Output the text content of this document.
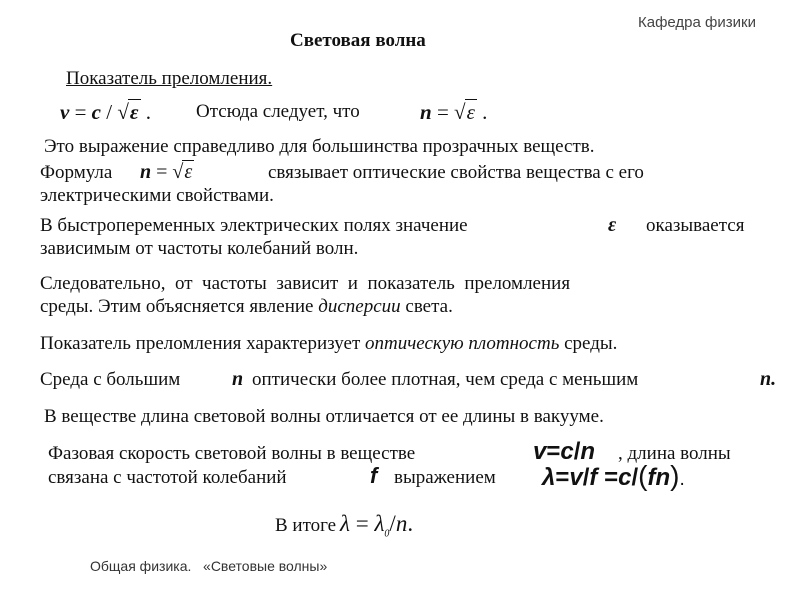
Кафедра физики
Световая волна
Показатель преломления.
v = c / √ε . Отсюда следует, что	n = √ε .
Это выражение справедливо для большинства прозрачных веществ.
Формула n = √ε	связывает оптические свойства вещества с его
электрическими свойствами.
В быстропеременных электрических полях значение	ε оказывается
зависимым от частоты колебаний волн.
Следовательно,  от  частоты  зависит  и  показатель  преломления
среды. Этим объясняется явление дисперсии света.
Показатель преломления характеризует оптическую плотность среды.
Среда с большим	n оптически более плотная, чем среда с меньшим	n.
В веществе длина световой волны отличается от ее длины в вакууме.
Фазовая скорость световой волны в веществе	v=c/n , длина волны
связана с частотой колебаний	f выражением λ=v/f =c/(fn).
В итоге $\lambda = \lambda_0/n$.
Общая физика.   «Световые волны»
